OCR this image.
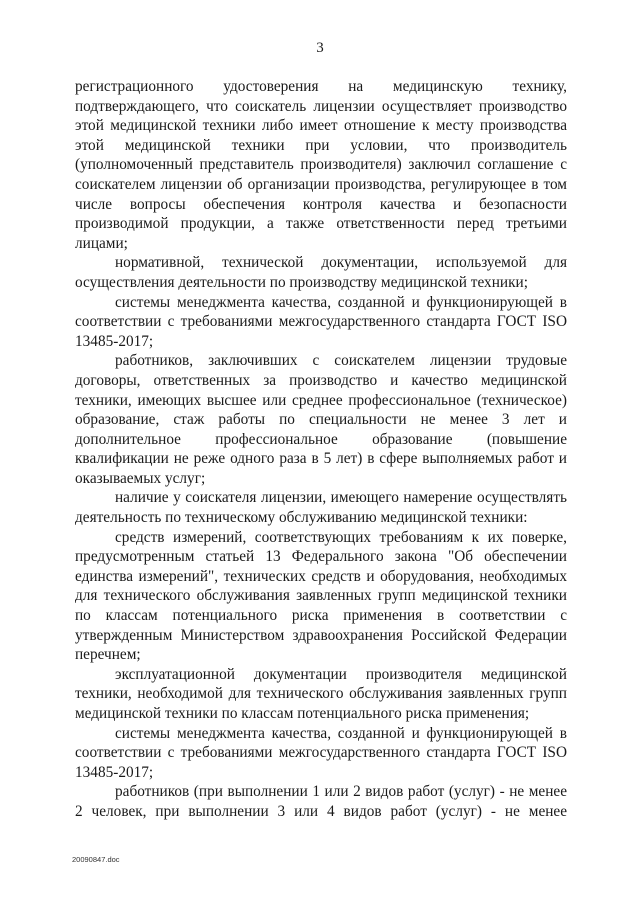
3

регистрационного удостоверения на медицинскую технику, подтверждающего, что соискатель лицензии осуществляет производство этой медицинской техники либо имеет отношение к месту производства этой медицинской техники при условии, что производитель (уполномоченный представитель производителя) заключил соглашение с соискателем лицензии об организации производства, регулирующее в том числе вопросы обеспечения контроля качества и безопасности производимой продукции, а также ответственности перед третьими лицами;

нормативной, технической документации, используемой для осуществления деятельности по производству медицинской техники;

системы менеджмента качества, созданной и функционирующей в соответствии с требованиями межгосударственного стандарта ГОСТ ISO 13485-2017;

работников, заключивших с соискателем лицензии трудовые договоры, ответственных за производство и качество медицинской техники, имеющих высшее или среднее профессиональное (техническое) образование, стаж работы по специальности не менее 3 лет и дополнительное профессиональное образование (повышение квалификации не реже одного раза в 5 лет) в сфере выполняемых работ и оказываемых услуг;

наличие у соискателя лицензии, имеющего намерение осуществлять деятельность по техническому обслуживанию медицинской техники:

средств измерений, соответствующих требованиям к их поверке, предусмотренным статьей 13 Федерального закона "Об обеспечении единства измерений", технических средств и оборудования, необходимых для технического обслуживания заявленных групп медицинской техники по классам потенциального риска применения в соответствии с утвержденным Министерством здравоохранения Российской Федерации перечнем;

эксплуатационной документации производителя медицинской техники, необходимой для технического обслуживания заявленных групп медицинской техники по классам потенциального риска применения;

системы менеджмента качества, созданной и функционирующей в соответствии с требованиями межгосударственного стандарта ГОСТ ISO 13485-2017;

работников (при выполнении 1 или 2 видов работ (услуг) - не менее 2 человек, при выполнении 3 или 4 видов работ (услуг) - не менее

20090847.doc
